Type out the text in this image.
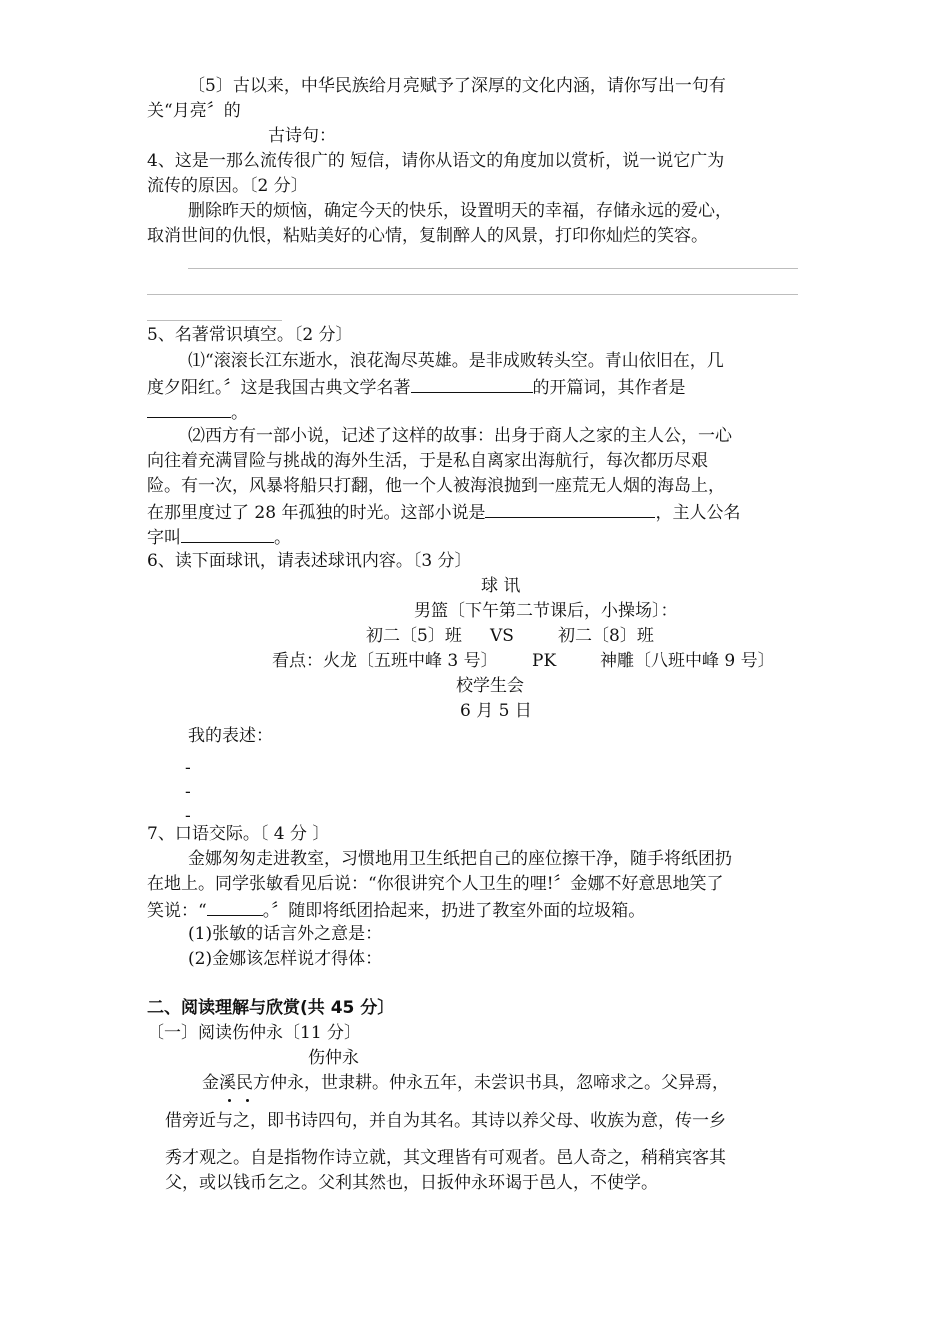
〔5〕古以来，中华民族给月亮赋予了深厚的文化内涵，请你写出一句有
关“月亮〞的
古诗句：
4、这是一那么流传很广的 短信，请你从语文的角度加以赏析，说一说它广为
流传的原因。〔2 分〕
删除昨天的烦恼，确定今天的快乐，设置明天的幸福，存储永远的爱心，
取消世间的仇恨，粘贴美好的心情，复制醉人的风景，打印你灿烂的笑容。
5、名著常识填空。〔2 分〕
⑴“滚滚长江东逝水，浪花淘尽英雄。是非成败转头空。青山依旧在，几
度夕阳红。〞这是我国古典文学名著	的开篇词，其作者是
。
⑵西方有一部小说，记述了这样的故事：出身于商人之家的主人公，一心
向往着充满冒险与挑战的海外生活，于是私自离家出海航行，每次都历尽艰
险。有一次，风暴将船只打翻，他一个人被海浪抛到一座荒无人烟的海岛上，
在那里度过了 28 年孤独的时光。这部小说是	，主人公名
字叫	。
6、读下面球讯，请表述球讯内容。〔3 分〕
球 讯
男篮〔下午第二节课后，小操场〕：
初二〔5〕班 VS	初二〔8〕班
看点：火龙〔五班中峰 3 号〕 PK	神雕〔八班中峰 9 号〕
校学生会
6 月 5 日
我的表述：
-
-
-
7、口语交际。〔 4 分 〕
金娜匆匆走进教室，习惯地用卫生纸把自己的座位擦干净，随手将纸团扔
在地上。同学张敏看见后说：“你很讲究个人卫生的哩!〞金娜不好意思地笑了
笑说：“	。〞随即将纸团拾起来，扔进了教室外面的垃圾箱。
(1)张敏的话言外之意是：
(2)金娜该怎样说才得体：
二、阅读理解与欣赏(共 45 分〕
〔一〕阅读伤仲永〔11 分〕
伤仲永
金溪民方仲永，世隶耕。仲永五年，未尝识书具，忽啼求之。父异焉，
借旁近与之，即书诗四句，并自为其名。其诗以养父母、收族为意，传一乡
秀才观之。自是指物作诗立就，其文理皆有可观者。邑人奇之，稍稍宾客其
父，或以钱币乞之。父利其然也，日扳仲永环谒于邑人，不使学。
